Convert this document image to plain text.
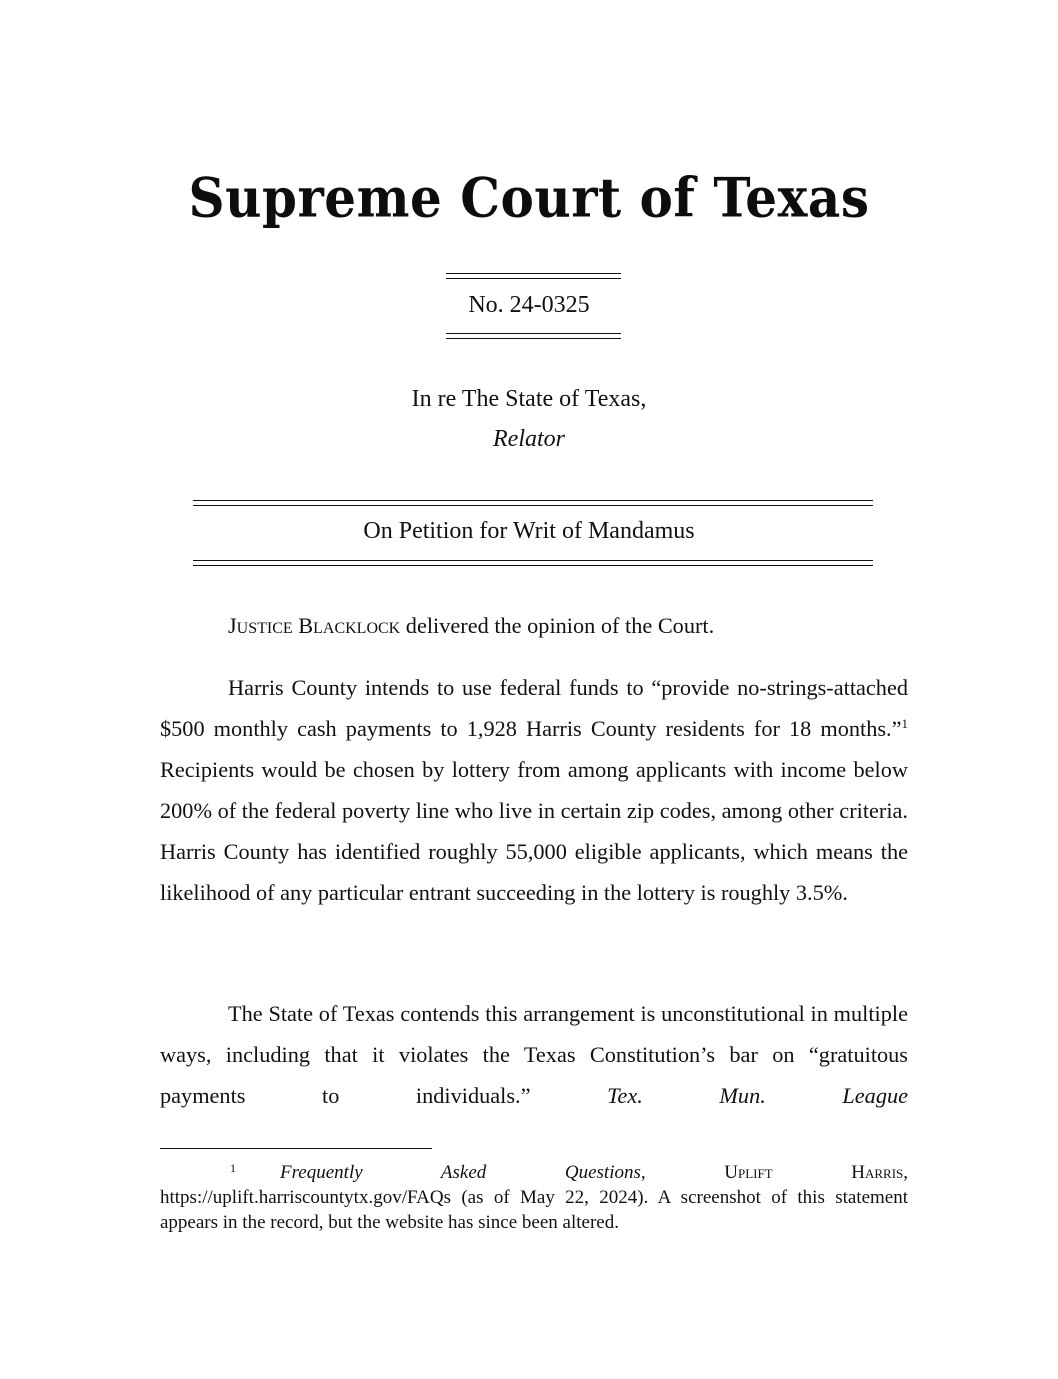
Supreme Court of Texas
No. 24-0325
In re The State of Texas,
Relator
On Petition for Writ of Mandamus

Justice Blacklock delivered the opinion of the Court.

Harris County intends to use federal funds to “provide no-strings-attached $500 monthly cash payments to 1,928 Harris County residents for 18 months.”$^1$ Recipients would be chosen by lottery from among applicants with income below 200% of the federal poverty line who live in certain zip codes, among other criteria. Harris County has identified roughly 55,000 eligible applicants, which means the likelihood of any particular entrant succeeding in the lottery is roughly 3.5%.

The State of Texas contends this arrangement is unconstitutional in multiple ways, including that it violates the Texas Constitution’s bar on “gratuitous payments to individuals.”	Tex. Mun. League

$^1$ Frequently Asked Questions, Uplift Harris, https://uplift.harriscountytx.gov/FAQs (as of May 22, 2024). A screenshot of this statement appears in the record, but the website has since been altered.
